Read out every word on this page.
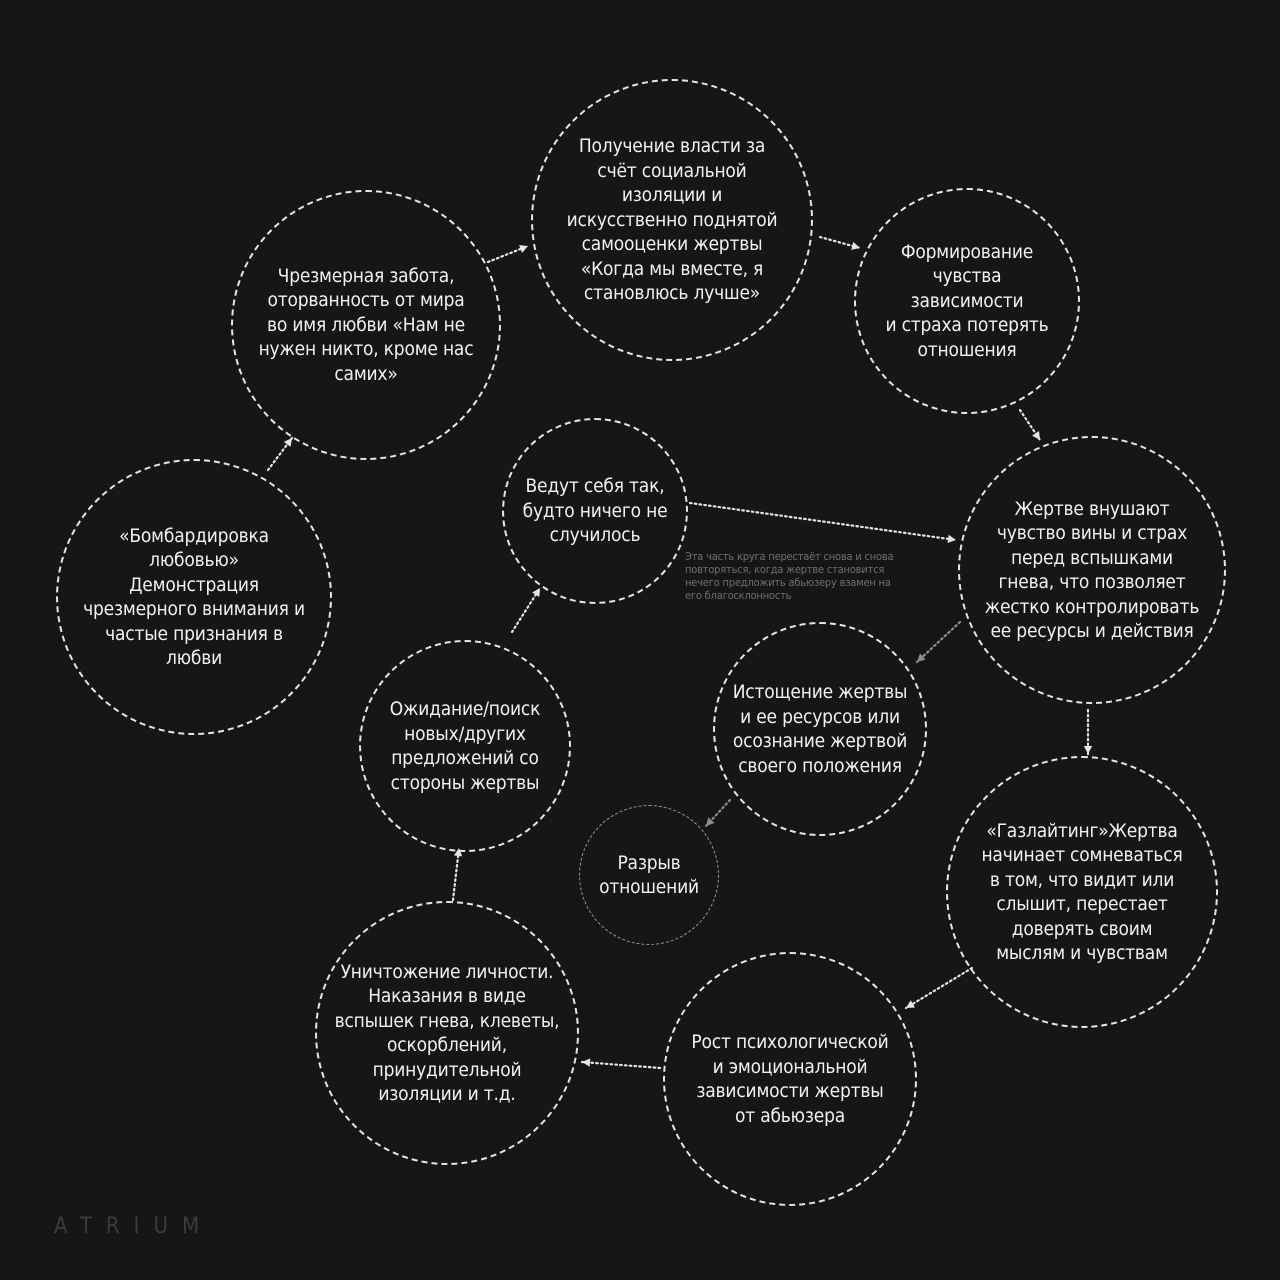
Получение власти за
счёт социальной
изоляции и
искусственно поднятой
самооценки жертвы
«Когда мы вместе, я
становлюсь лучше»
Формирование
чувства зависимости
и страха потерять
отношения
Чрезмерная забота,
оторванность от мира
во имя любви «Нам не
нужен никто, кроме нас
самих»
«Бомбардировка
любовью» Демонстрация
чрезмерного внимания и
частые признания в
любви
Ведут себя так,
будто ничего не
случилось
Жертве внушают
чувство вины и страх
перед вспышками
гнева, что позволяет
жестко контролировать
ее ресурсы и действия
Истощение жертвы
и ее ресурсов или
осознание жертвой
своего положения
Ожидание/поиск
новых/других
предложений со
стороны жертвы
Разрыв
отношений
«Газлайтинг»Жертва
начинает сомневаться
в том, что видит или
слышит, перестает
доверять своим
мыслям и чувствам
Рост психологической
и эмоциональной
зависимости жертвы
от абьюзера
Уничтожение личности.
Наказания в виде
вспышек гнева, клеветы,
оскорблений,
принудительной
изоляции и т.д.
Эта часть круга перестаёт снова и снова
повторяться, когда жертве становится
нечего предложить абьюзеру взамен на
его благосклонность
ATRIUM
